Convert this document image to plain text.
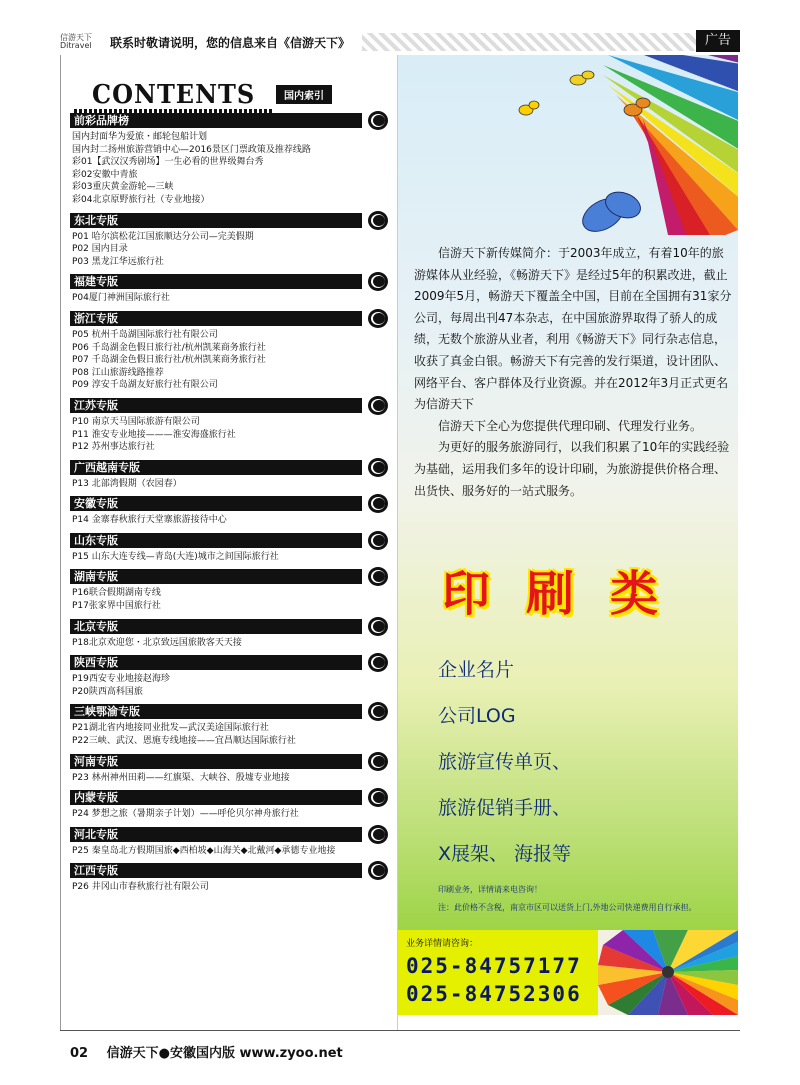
信游天下 Ditravel	联系时敬请说明，您的信息来自《信游天下》	广告
CONTENTS	国内索引
前彩品牌榜
国内封面华为爱旅・邮轮包船计划
国内封二扬州旅游营销中心—2016景区门票政策及推荐线路
彩01【武汉汉秀剧场】一生必看的世界级舞台秀
彩02安徽中青旅
彩03重庆黄金游轮—三峡
彩04北京原野旅行社（专业地接）
东北专版
P01 哈尔滨松花江国旅顺达分公司—完美假期
P02 国内目录
P03 黑龙江华远旅行社
福建专版
P04厦门神洲国际旅行社
浙江专版
P05 杭州千岛湖国际旅行社有限公司
P06 千岛湖金色假日旅行社/杭州凯莱商务旅行社
P07 千岛湖金色假日旅行社/杭州凯莱商务旅行社
P08 江山旅游线路推荐
P09 淳安千岛湖友好旅行社有限公司
江苏专版
P10 南京天马国际旅游有限公司
P11 淮安专业地接———淮安海盛旅行社
P12 苏州事达旅行社
广西越南专版
P13 北部湾假期（农园春）
安徽专版
P14 金寨春秋旅行天堂寨旅游接待中心
山东专版
P15 山东大连专线—青岛(大连)城市之间国际旅行社
湖南专版
P16联合假期湖南专线
P17张家界中国旅行社
北京专版
P18北京欢迎您・北京致远国旅散客天天接
陕西专版
P19西安专业地接赵海珍
P20陕西高科国旅
三峡鄂渝专版
P21湖北省内地接同业批发—武汉美途国际旅行社
P22三峡、武汉、恩施专线地接——宜昌顺达国际旅行社
河南专版
P23 林州神州田莉——红旗渠、大峡谷、殷墟专业地接
内蒙专版
P24 梦想之旅（暑期亲子计划）——呼伦贝尔神舟旅行社
河北专版
P25 秦皇岛北方假期国旅◆西柏坡◆山海关◆北戴河◆承德专业地接
江西专版
P26 井冈山市春秋旅行社有限公司

信游天下新传媒简介：于2003年成立，有着10年的旅游媒体从业经验，《畅游天下》是经过5年的积累改进，截止2009年5月，畅游天下覆盖全中国，目前在全国拥有31家分公司，每周出刊47本杂志，在中国旅游界取得了骄人的成绩，无数个旅游从业者，利用《畅游天下》同行杂志信息，收获了真金白银。畅游天下有完善的发行渠道，设计团队、网络平台、客户群体及行业资源。并在2012年3月正式更名为信游天下

信游天下全心为您提供代理印刷、代理发行业务。

为更好的服务旅游同行，以我们积累了10年的实践经验为基础，运用我们多年的设计印刷，为旅游提供价格合理、出货快、服务好的一站式服务。

印刷类
企业名片
公司LOG
旅游宣传单页、
旅游促销手册、
X展架、 海报等
印刷业务，详情请来电咨询！
注：此价格不含税，南京市区可以送货上门,外地公司快递费用自行承担。
业务详情请咨询：
025-84757177
025-84752306
02 信游天下●安徽国内版 www.zyoo.net
